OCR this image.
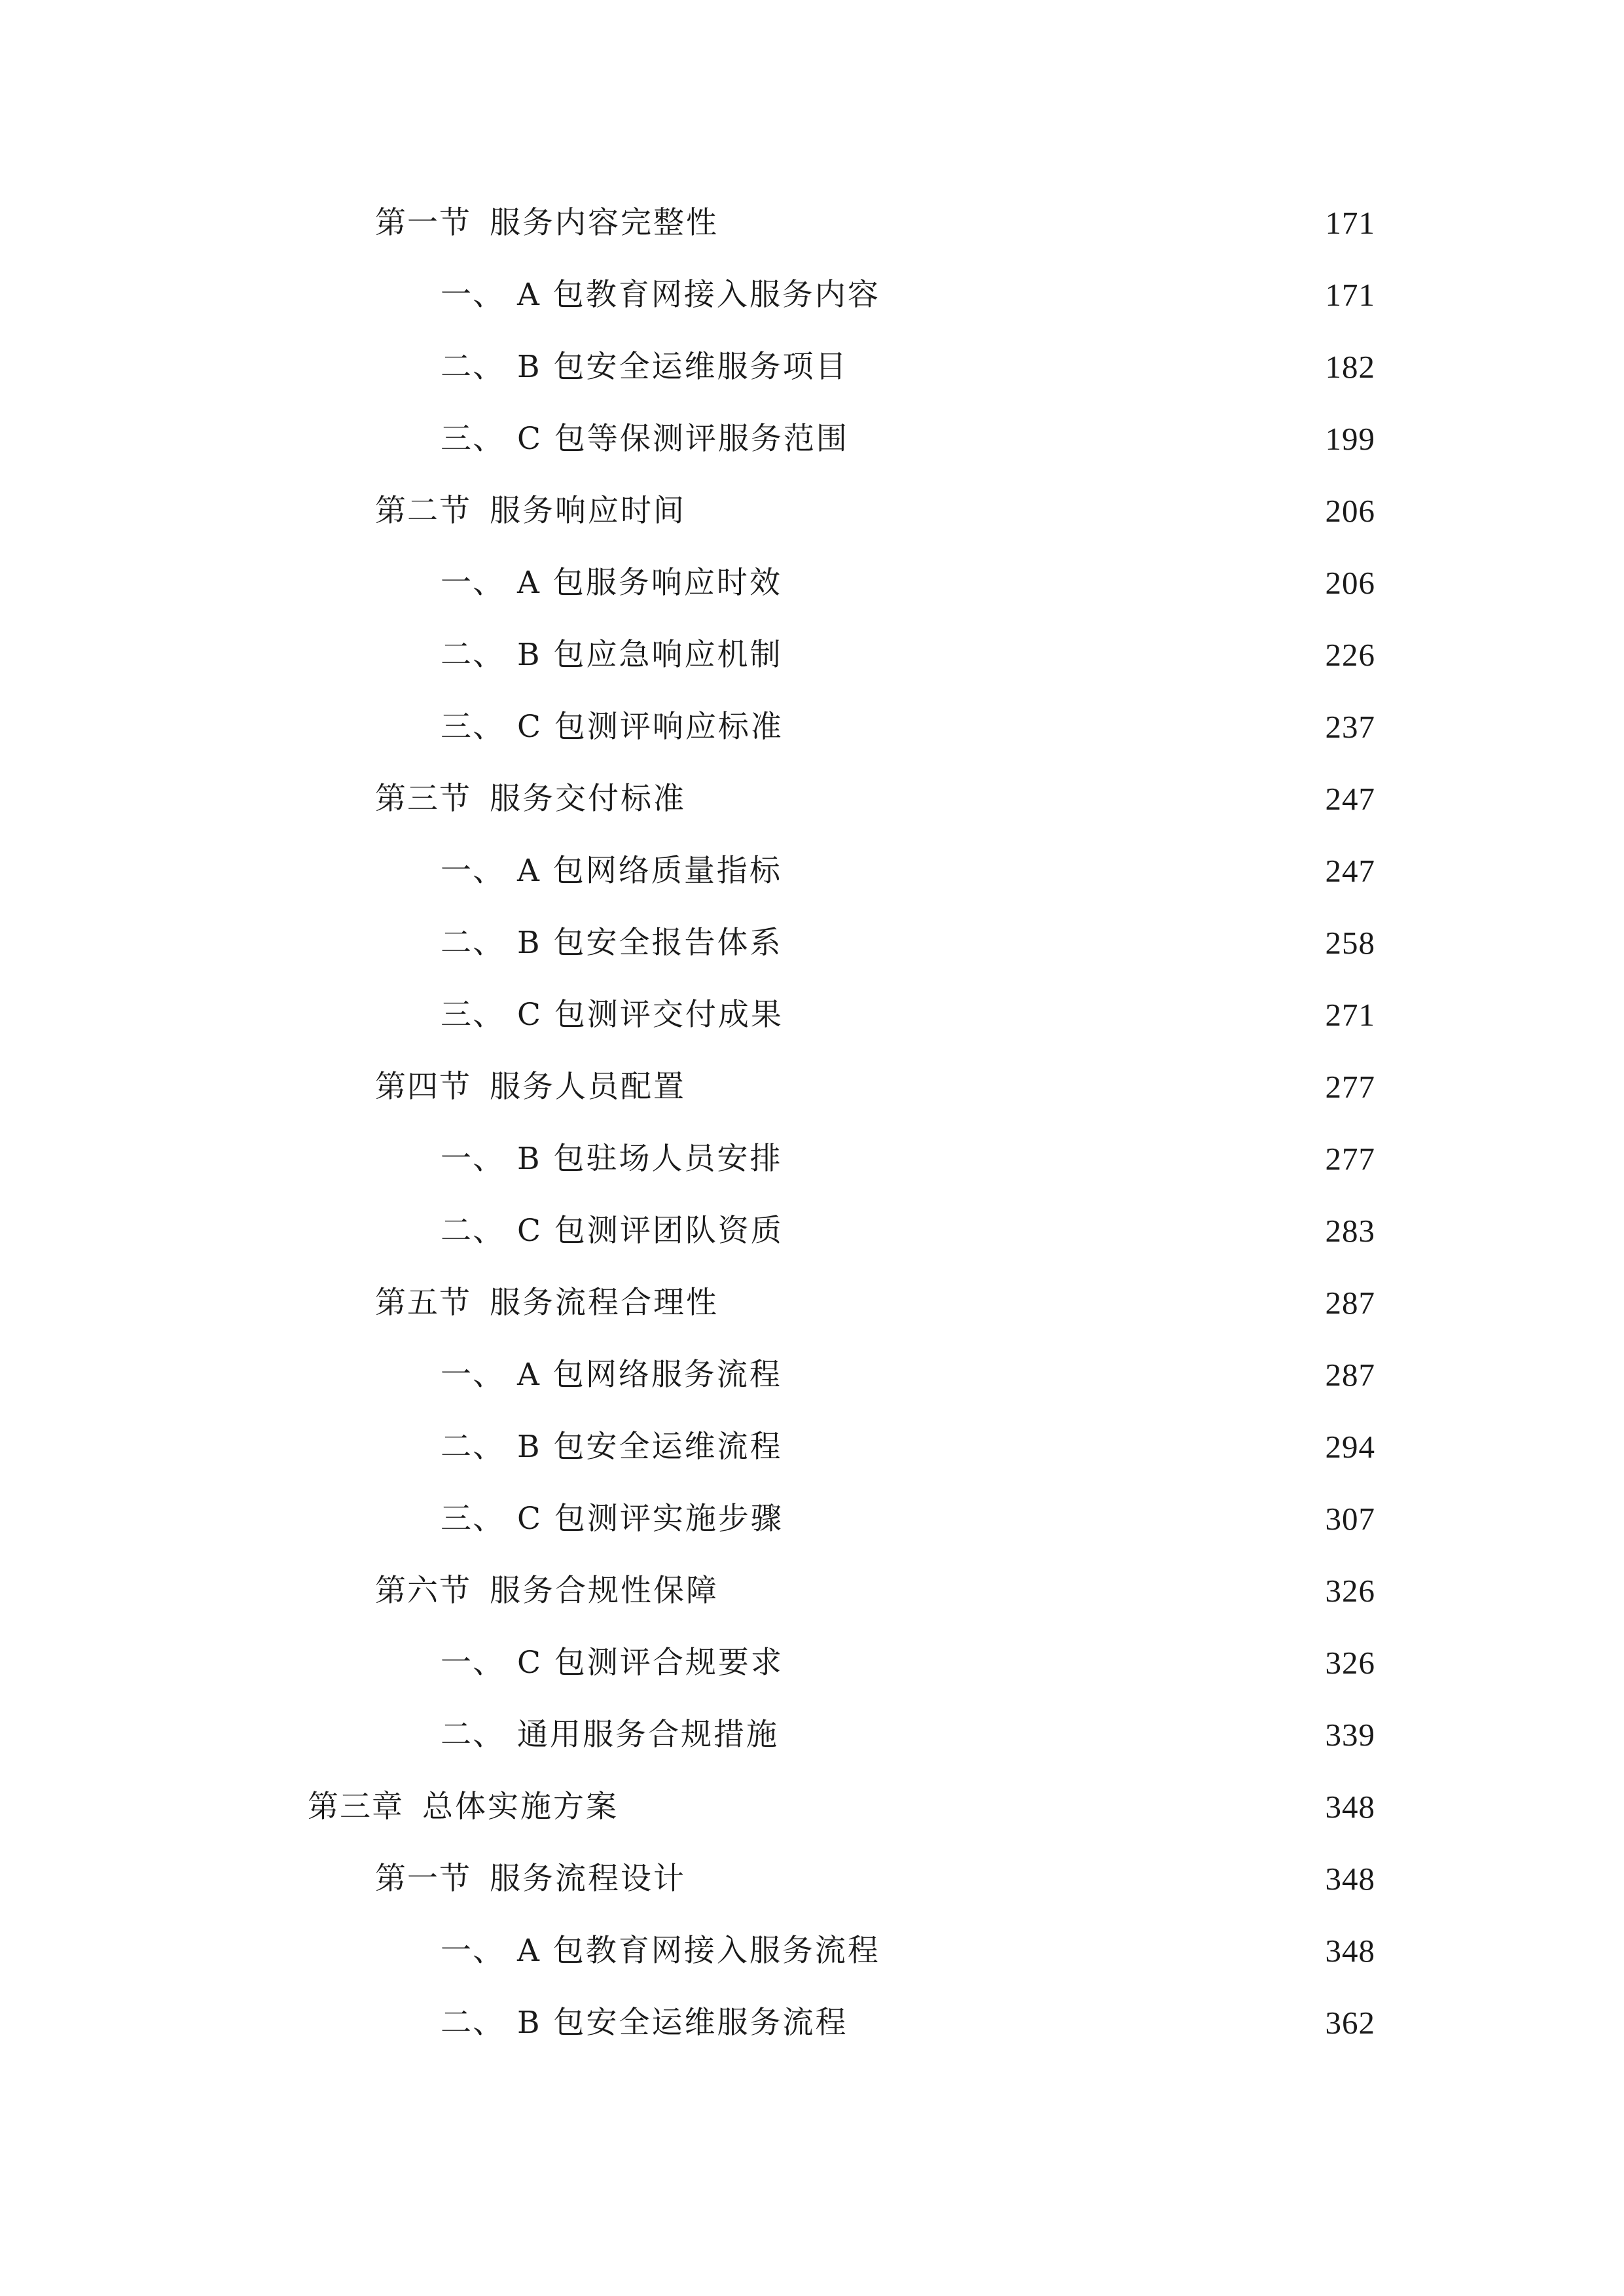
第一节 服务内容完整性	171
一、 A 包教育网接入服务内容	171
二、 B 包安全运维服务项目	182
三、 C 包等保测评服务范围	199
第二节 服务响应时间	206
一、 A 包服务响应时效	206
二、 B 包应急响应机制	226
三、 C 包测评响应标准	237
第三节 服务交付标准	247
一、 A 包网络质量指标	247
二、 B 包安全报告体系	258
三、 C 包测评交付成果	271
第四节 服务人员配置	277
一、 B 包驻场人员安排	277
二、 C 包测评团队资质	283
第五节 服务流程合理性	287
一、 A 包网络服务流程	287
二、 B 包安全运维流程	294
三、 C 包测评实施步骤	307
第六节 服务合规性保障	326
一、 C 包测评合规要求	326
二、 通用服务合规措施	339
第三章 总体实施方案	348
第一节 服务流程设计	348
一、 A 包教育网接入服务流程	348
二、 B 包安全运维服务流程	362
